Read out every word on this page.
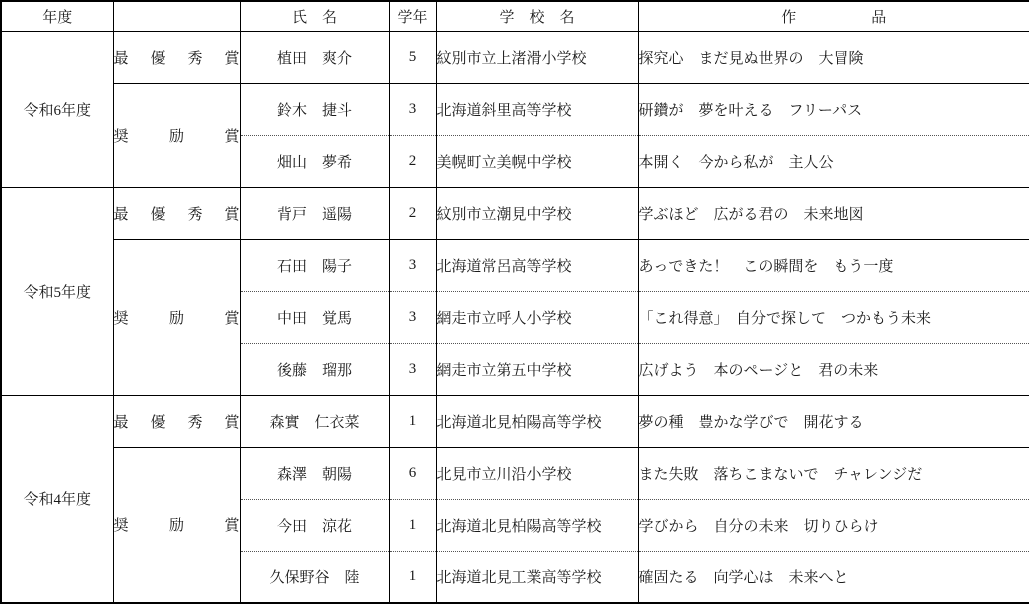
年度		氏　名	学年	学　校　名	作　　　　　品
令和6年度	最優秀賞	植田　爽介	5	紋別市立上渚滑小学校	探究心　まだ見ぬ世界の　大冒険
	奨励賞	鈴木　捷斗	3	北海道斜里高等学校	研鑽が　夢を叶える　フリーパス
		畑山　夢希	2	美幌町立美幌中学校	本開く　今から私が　主人公
令和5年度	最優秀賞	背戸　遥陽	2	紋別市立潮見中学校	学ぶほど　広がる君の　未来地図
	奨励賞	石田　陽子	3	北海道常呂高等学校	あっできた！　この瞬間を　もう一度
		中田　覚馬	3	網走市立呼人小学校	「これ得意」　自分で探して　つかもう未来
		後藤　瑠那	3	網走市立第五中学校	広げよう　本のページと　君の未来
令和4年度	最優秀賞	森實　仁衣菜	1	北海道北見柏陽高等学校	夢の種　豊かな学びで　開花する
	奨励賞	森澤　朝陽	6	北見市立川沿小学校	また失敗　落ちこまないで　チャレンジだ
		今田　涼花	1	北海道北見柏陽高等学校	学びから　自分の未来　切りひらけ
		久保野谷　陸	1	北海道北見工業高等学校	確固たる　向学心は　未来へと
